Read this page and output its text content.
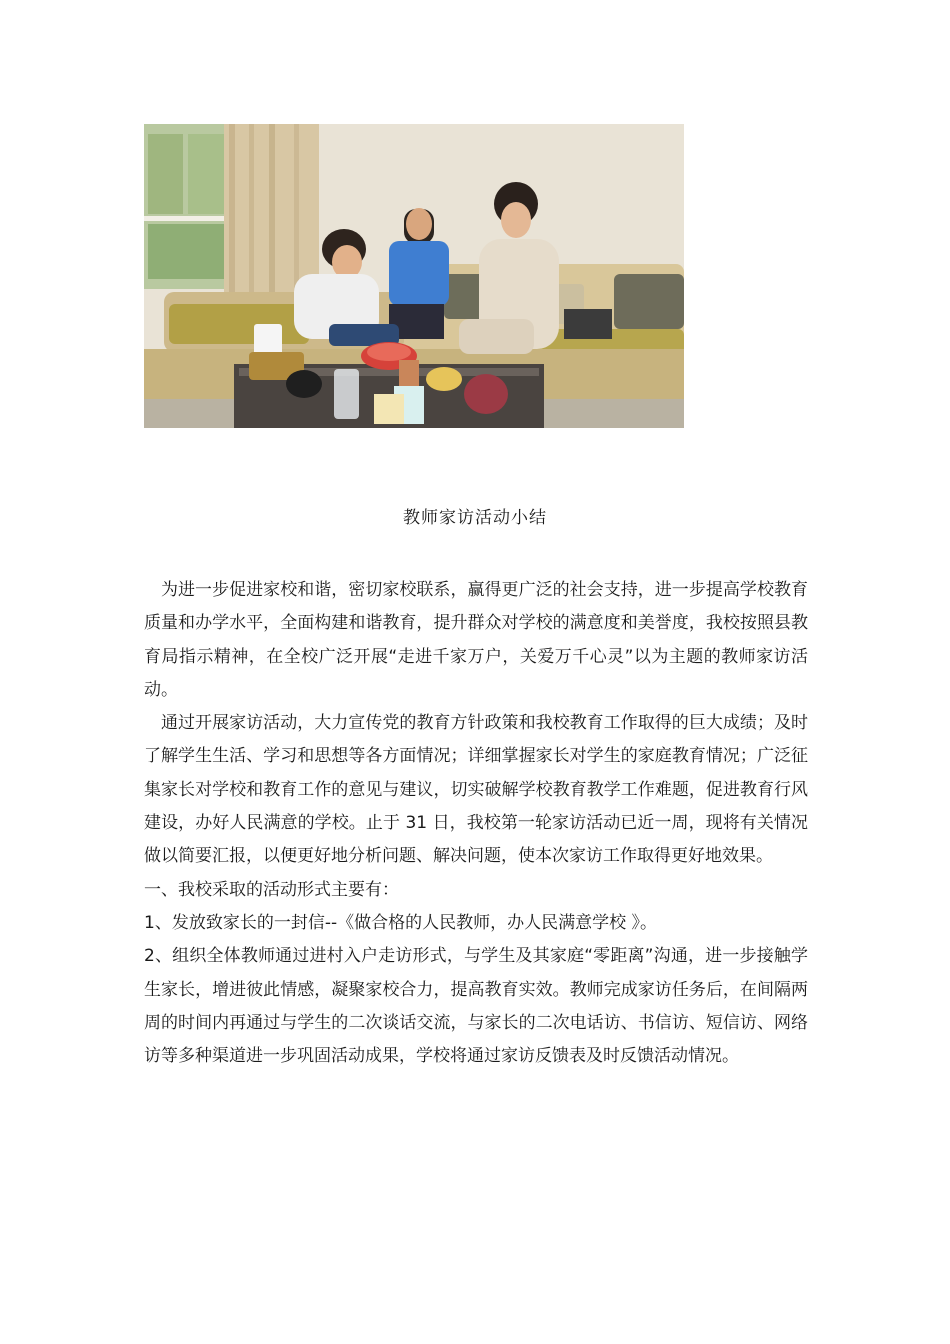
教师家访活动小结

为进一步促进家校和谐，密切家校联系，赢得更广泛的社会支持，进一步提高学校教育质量和办学水平，全面构建和谐教育，提升群众对学校的满意度和美誉度，我校按照县教育局指示精神，在全校广泛开展“走进千家万户，关爱万千心灵”以为主题的教师家访活动。

通过开展家访活动，大力宣传党的教育方针政策和我校教育工作取得的巨大成绩；及时了解学生生活、学习和思想等各方面情况；详细掌握家长对学生的家庭教育情况；广泛征集家长对学校和教育工作的意见与建议，切实破解学校教育教学工作难题，促进教育行风建设，办好人民满意的学校。止于 31 日，我校第一轮家访活动已近一周，现将有关情况做以简要汇报，以便更好地分析问题、解决问题，使本次家访工作取得更好地效果。

一、我校采取的活动形式主要有：

1、发放致家长的一封信--《做合格的人民教师，办人民满意学校 》。

2、组织全体教师通过进村入户走访形式，与学生及其家庭“零距离”沟通，进一步接触学生家长，增进彼此情感，凝聚家校合力，提高教育实效。教师完成家访任务后，在间隔两周的时间内再通过与学生的二次谈话交流，与家长的二次电话访、书信访、短信访、网络访等多种渠道进一步巩固活动成果，学校将通过家访反馈表及时反馈活动情况。
